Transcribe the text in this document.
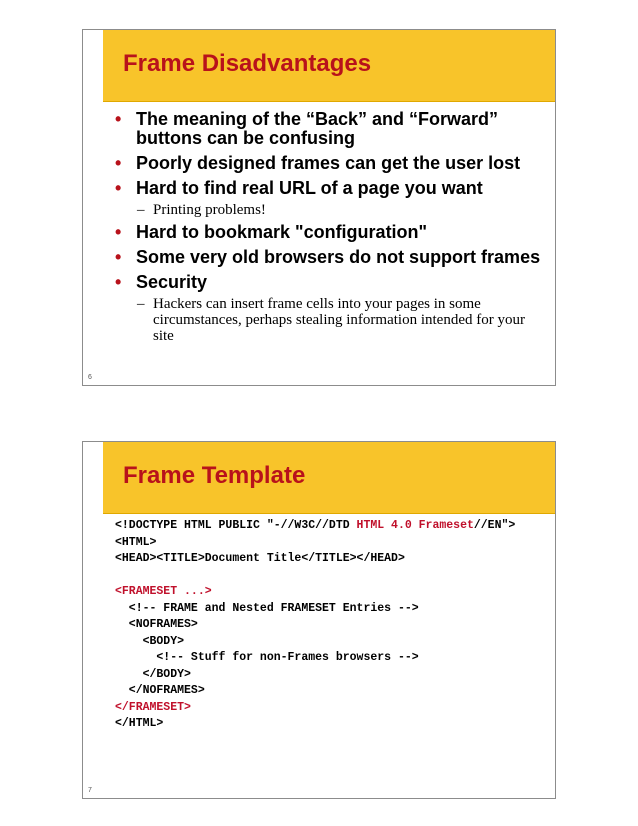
Frame Disadvantages
• The meaning of the “Back” and “Forward” buttons can be confusing
• Poorly designed frames can get the user lost
• Hard to find real URL of a page you want
– Printing problems!
• Hard to bookmark "configuration"
• Some very old browsers do not support frames
• Security
– Hackers can insert frame cells into your pages in some circumstances, perhaps stealing information intended for your site
6
Frame Template
<!DOCTYPE HTML PUBLIC "-//W3C//DTD HTML 4.0 Frameset//EN">
<HTML>
<HEAD><TITLE>Document Title</TITLE></HEAD>

<FRAMESET ...>
<!-- FRAME and Nested FRAMESET Entries -->
<NOFRAMES>
<BODY>
<!-- Stuff for non-Frames browsers -->
</BODY>
</NOFRAMES>
</FRAMESET>
</HTML>
7
